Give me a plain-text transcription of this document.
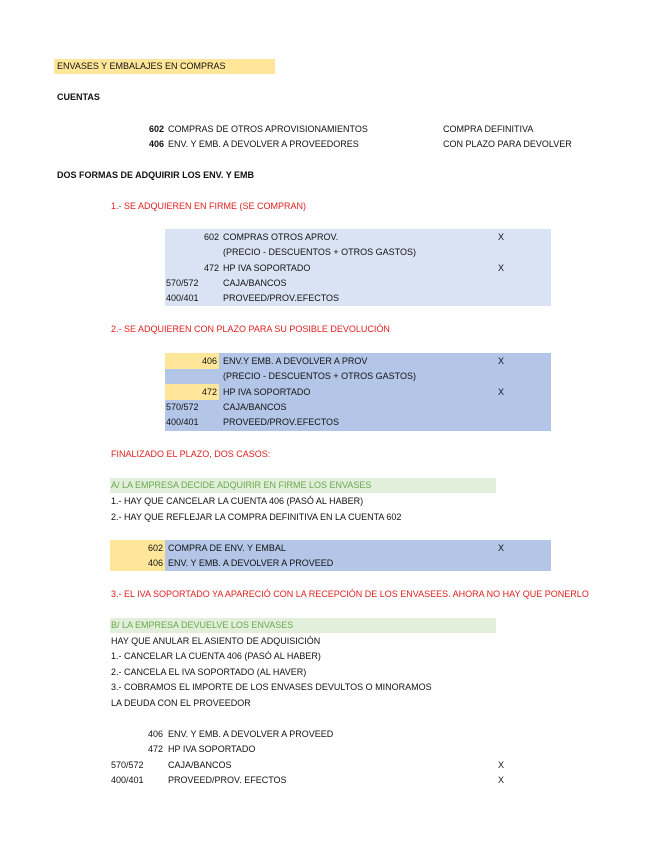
ENVASES Y EMBALAJES EN COMPRAS
CUENTAS
602 COMPRAS DE OTROS APROVISIONAMIENTOS	COMPRA DEFINITIVA
406 ENV. Y EMB. A DEVOLVER A PROVEEDORES	CON PLAZO PARA DEVOLVER
DOS FORMAS DE ADQUIRIR LOS ENV. Y EMB
1.- SE ADQUIEREN EN FIRME (SE COMPRAN)
602 COMPRAS OTROS APROV.	X
(PRECIO - DESCUENTOS + OTROS GASTOS)
472 HP IVA SOPORTADO	X
570/572	CAJA/BANCOS
400/401	PROVEED/PROV.EFECTOS
2.- SE ADQUIEREN CON PLAZO PARA SU POSIBLE DEVOLUCIÓN
406 ENV.Y EMB. A DEVOLVER A PROV	X
(PRECIO - DESCUENTOS + OTROS GASTOS)
472 HP IVA SOPORTADO	X
570/572	CAJA/BANCOS
400/401	PROVEED/PROV.EFECTOS
FINALIZADO EL PLAZO, DOS CASOS:
A/ LA EMPRESA DECIDE ADQUIRIR EN FIRME LOS ENVASES
1.- HAY QUE CANCELAR LA CUENTA 406 (PASÓ AL HABER)
2.- HAY QUE REFLEJAR LA COMPRA DEFINITIVA EN LA CUENTA 602
602 COMPRA DE ENV. Y EMBAL	X
406 ENV. Y EMB. A DEVOLVER A PROVEED
3.- EL IVA SOPORTADO YA APARECIÓ CON LA RECEPCIÓN DE LOS ENVASEES. AHORA NO HAY QUE PONERLO
B/ LA EMPRESA DEVUELVE LOS ENVASES
HAY QUE ANULAR EL ASIENTO DE ADQUISICIÓN
1.- CANCELAR LA CUENTA 406 (PASÓ AL HABER)
2.- CANCELA EL IVA SOPORTADO (AL HAVER)
3.- COBRAMOS EL IMPORTE DE LOS ENVASES DEVULTOS O MINORAMOS
LA DEUDA CON EL PROVEEDOR
406 ENV. Y EMB. A DEVOLVER A PROVEED
472 HP IVA SOPORTADO
570/572	CAJA/BANCOS	X
400/401	PROVEED/PROV. EFECTOS	X
